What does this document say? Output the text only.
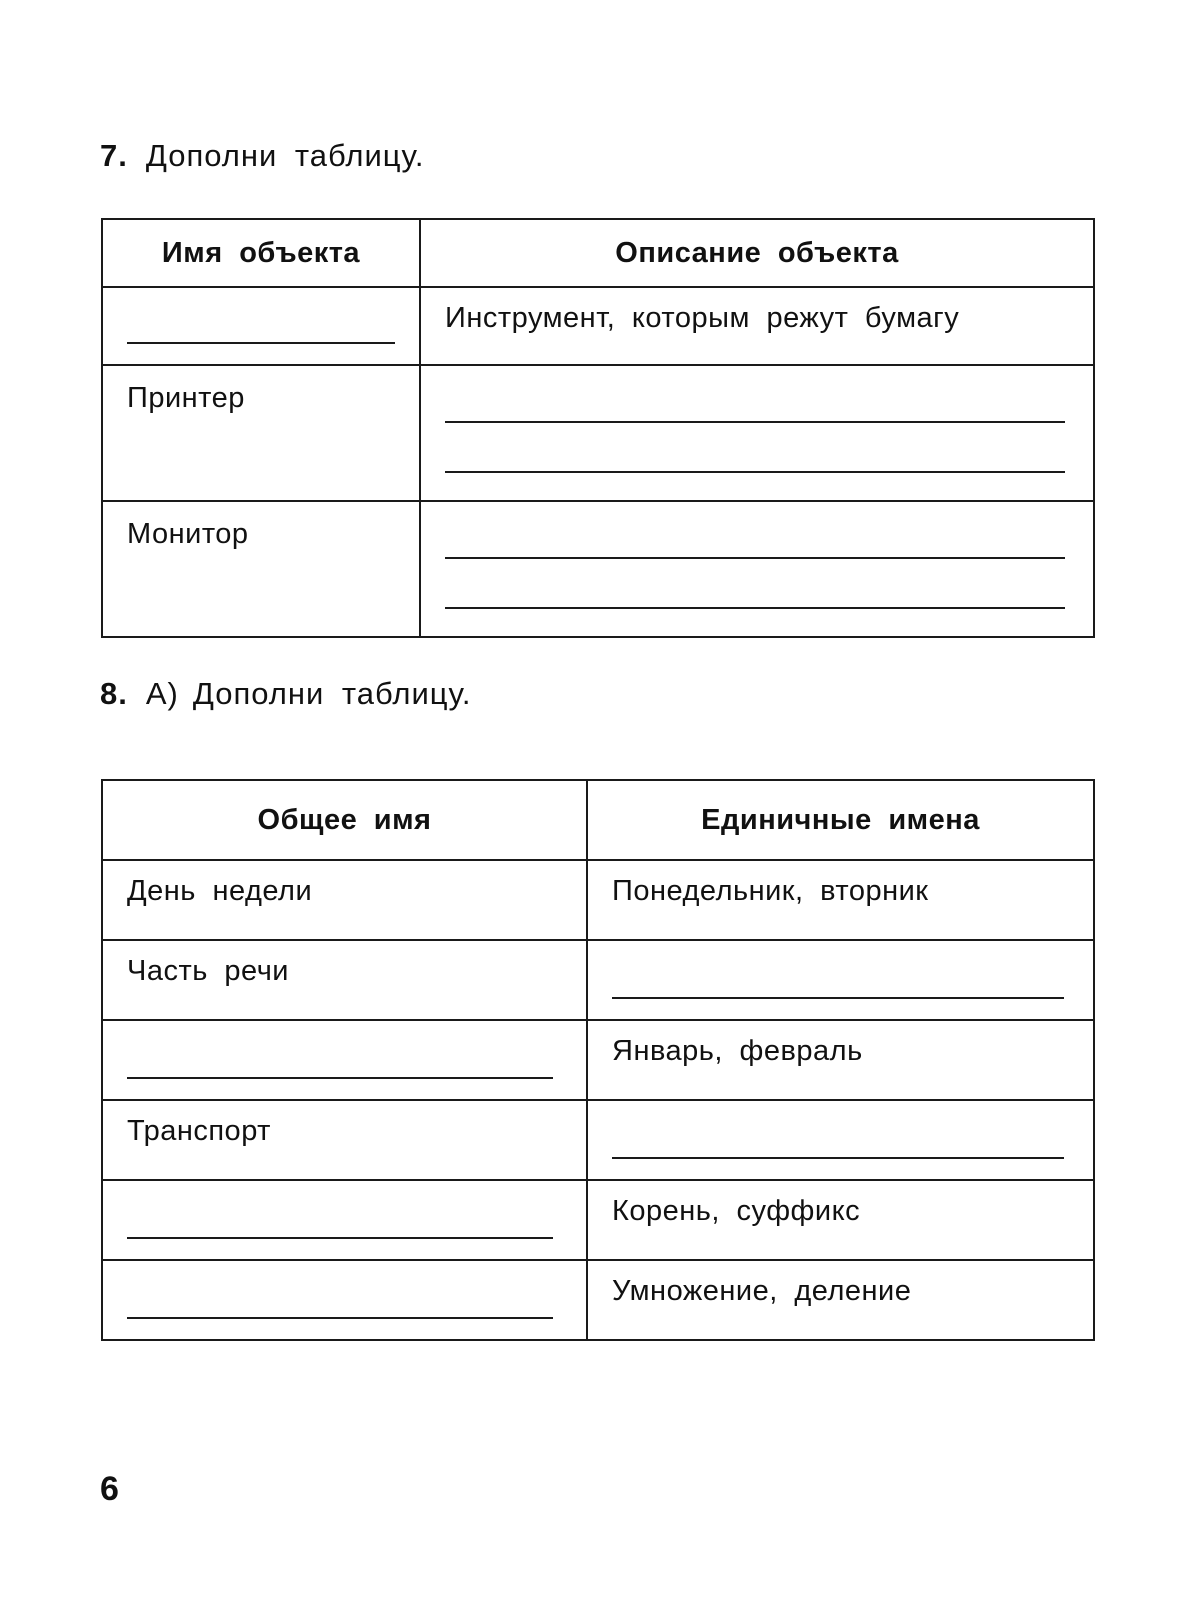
7. Дополни таблицу.
Имя объекта	Описание объекта

	Инструмент, которым режут бумагу

Принтер	

Монитор	

8. А) Дополни таблицу.
Общее имя	Единичные имена

День недели	Понедельник, вторник

Часть речи	

	Январь, февраль

Транспорт	

	Корень, суффикс

	Умножение, деление
6
